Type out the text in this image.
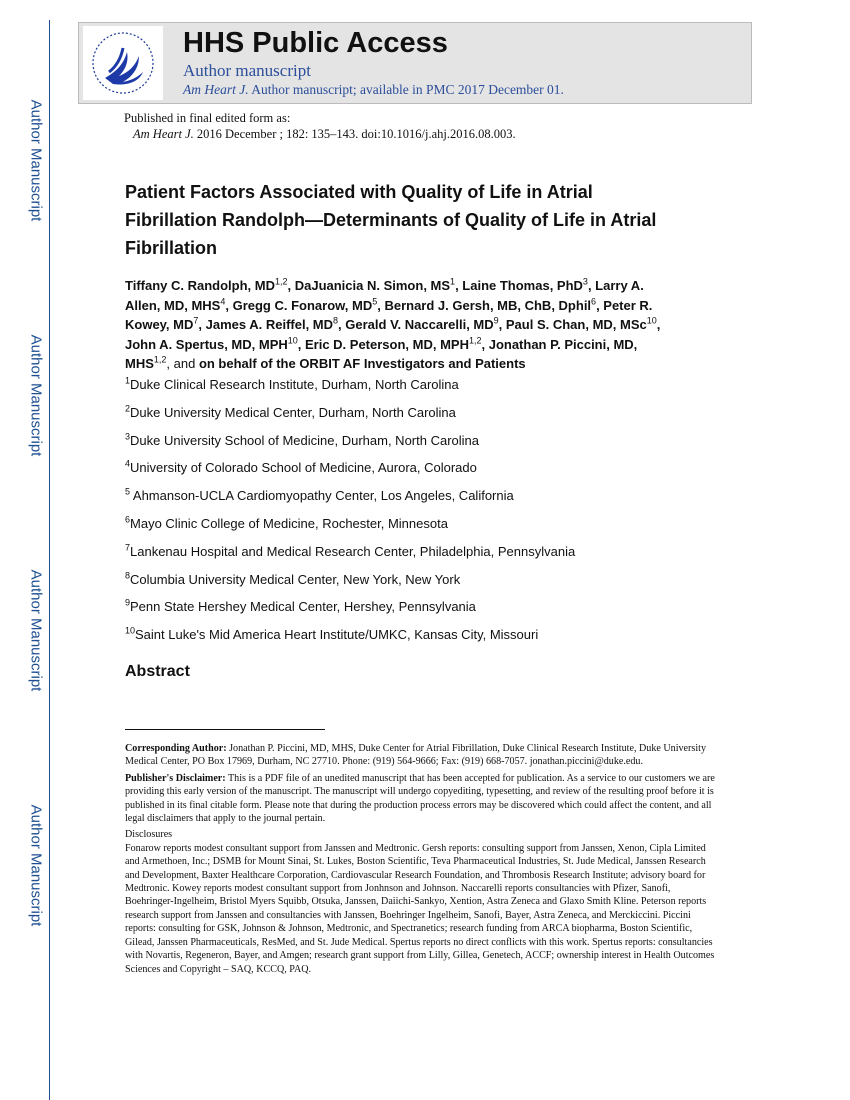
Author Manuscript
Author Manuscript
Author Manuscript
Author Manuscript
HHS Public Access
Author manuscript
Am Heart J. Author manuscript; available in PMC 2017 December 01.
Published in final edited form as:
Am Heart J. 2016 December ; 182: 135–143. doi:10.1016/j.ahj.2016.08.003.
Patient Factors Associated with Quality of Life in Atrial
Fibrillation Randolph—Determinants of Quality of Life in Atrial
Fibrillation
Tiffany C. Randolph, MD$^{1,2}$, DaJuanicia N. Simon, $MS^1$, Laine Thomas, PhD$^3$, Larry A.
Allen, MD, MHS$^4$, Gregg C. Fonarow, $MD^5$, Bernard J. Gersh, MB, ChB, Dphil$^6$, Peter R.
Kowey, $MD^7$, James A. Reiffel, $MD^8$, Gerald V. Naccarelli, $MD^9$, Paul S. Chan, MD, MSc$^{10}$,
John A. Spertus, MD, MPH$^{10}$, Eric D. Peterson, MD, MPH$^{1,2}$, Jonathan P. Piccini, MD,
MHS$^{1,2}$, and on behalf of the ORBIT AF Investigators and Patients
$^1$Duke Clinical Research Institute, Durham, North Carolina
$^2$Duke University Medical Center, Durham, North Carolina
$^3$Duke University School of Medicine, Durham, North Carolina
$^4$University of Colorado School of Medicine, Aurora, Colorado
$^5$ Ahmanson-UCLA Cardiomyopathy Center, Los Angeles, California
$^6$Mayo Clinic College of Medicine, Rochester, Minnesota
$^7$Lankenau Hospital and Medical Research Center, Philadelphia, Pennsylvania
$^8$Columbia University Medical Center, New York, New York
$^9$Penn State Hershey Medical Center, Hershey, Pennsylvania
$^{10}$Saint Luke's Mid America Heart Institute/UMKC, Kansas City, Missouri
Abstract

Corresponding Author: Jonathan P. Piccini, MD, MHS, Duke Center for Atrial Fibrillation, Duke Clinical Research Institute, Duke University Medical Center, PO Box 17969, Durham, NC 27710. Phone: (919) 564-9666; Fax: (919) 668-7057. jonathan.piccini@duke.edu.

Publisher's Disclaimer: This is a PDF file of an unedited manuscript that has been accepted for publication. As a service to our customers we are providing this early version of the manuscript. The manuscript will undergo copyediting, typesetting, and review of the resulting proof before it is published in its final citable form. Please note that during the production process errors may be discovered which could affect the content, and all legal disclaimers that apply to the journal pertain.

Disclosures
Fonarow reports modest consultant support from Janssen and Medtronic. Gersh reports: consulting support from Janssen, Xenon, Cipla Limited and Armethoen, Inc.; DSMB for Mount Sinai, St. Lukes, Boston Scientific, Teva Pharmaceutical Industries, St. Jude Medical, Janssen Research and Development, Baxter Healthcare Corporation, Cardiovascular Research Foundation, and Thrombosis Research Institute; advisory board for Medtronic. Kowey reports modest consultant support from Jonhnson and Johnson. Naccarelli reports consultancies with Pfizer, Sanofi, Boehringer-Ingelheim, Bristol Myers Squibb, Otsuka, Janssen, Daiichi-Sankyo, Xention, Astra Zeneca and Glaxo Smith Kline. Peterson reports research support from Janssen and consultancies with Janssen, Boehringer Ingelheim, Sanofi, Bayer, Astra Zeneca, and Merckiccini. Piccini reports: consulting for GSK, Johnson & Johnson, Medtronic, and Spectranetics; research funding from ARCA biopharma, Boston Scientific, Gilead, Janssen Pharmaceuticals, ResMed, and St. Jude Medical. Spertus reports no direct conflicts with this work. Spertus reports: consultancies with Novartis, Regeneron, Bayer, and Amgen; research grant support from Lilly, Gillea, Genetech, ACCF; ownership interest in Health Outcomes Sciences and Copyright – SAQ, KCCQ, PAQ.
